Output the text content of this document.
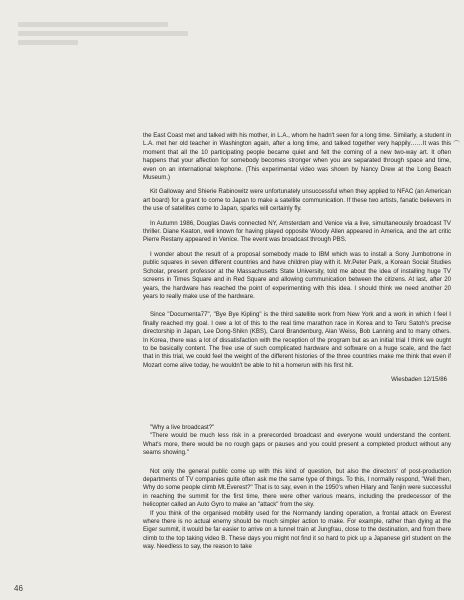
the East Coast met and talked with his mother, in L.A., whom he hadn't seen for a long time. Similarly, a student in L.A. met her old teacher in Washington again, after a long time, and talked together very happily……It was this moment that all the 10 participating people became quiet and felt the coming of a new two-way art. It often happens that your affection for somebody becomes stronger when you are separated through space and time, even on an international telephone. (This experimental video was shown by Nancy Drew at the Long Beach Museum.)

Kit Galloway and Shierie Rabinowitz were unfortunately unsuccessful when they applied to NFAC (an American art board) for a grant to come to Japan to make a satellite communication. If these two artists, fanatic believers in the use of satellites come to Japan, sparks will certainly fly.

In Autumn 1986, Douglas Davis connected NY, Amsterdam and Venice via a live, simultaneously broadcast TV thriller. Diane Keaton, well known for having played opposite Woody Allen appeared in America, and the art critic Pierre Restany appeared in Venice. The event was broadcast through PBS.

I wonder about the result of a proposal somebody made to IBM which was to install a Sony Jumbotrone in public squares in seven different countries and have children play with it. Mr.Peter Park, a Korean Social Studies Scholar, present professor at the Massachusetts State University, told me about the idea of installing huge TV screens in Times Square and in Red Square and allowing cummunication between the citizens. At last, after 20 years, the hardware has reached the point of experimenting with this idea. I should think we need another 20 years to really make use of the hardware.

Since "Documenta77", "Bye Bye Kipling" is the third satellite work from New York and a work in which I feel I finally reached my goal. I owe a lot of this to the real time marathon race in Korea and to Teru Satoh's precise directorship in Japan, Lee Dong-Shikn (KBS), Carol Brandenburg, Alan Weiss, Bob Lanning and to many others. In Korea, there was a lot of dissatisfaction with the reception of the program but as an initial trial I think we ought to be basically content. The free use of such complicated hardware and software on a huge scale, and the fact that in this trial, we could feel the weight of the different histories of the three countries make me think that even if Mozart come alive today, he wouldn't be able to hit a homerun with his first hit.

Wiesbaden 12/15/86

"Why a live broadcast?"

"There would be much less risk in a prerecorded broadcast and everyone would understand the content. What's more, there would be no rough gaps or pauses and you could present a completed product without any seams showing."

Not only the general public come up with this kind of question, but also the directors' of post-production departments of TV companies quite often ask me the same type of things. To this, I normally respond, "Well then, Why do some people climb Mt.Everest?" That is to say, even in the 1950's when Hilary and Tenjin were successful in reaching the summit for the first time, there were other various means, including the predecessor of the helicopter called an Auto Gyro to make an "attack" from the sky.

If you think of the organised mobility used for the Normandy landing operation, a frontal attack on Everest where there is no actual enemy should be much simpler action to make. For example, rather than dying at the Eiger summit, it would be far easier to arrive on a tunnel train at Jungfrau, close to the destination, and from there climb to the top taking video B. These days you might not find it so hard to pick up a Japanese girl student on the way. Needless to say, the reason to take

46
